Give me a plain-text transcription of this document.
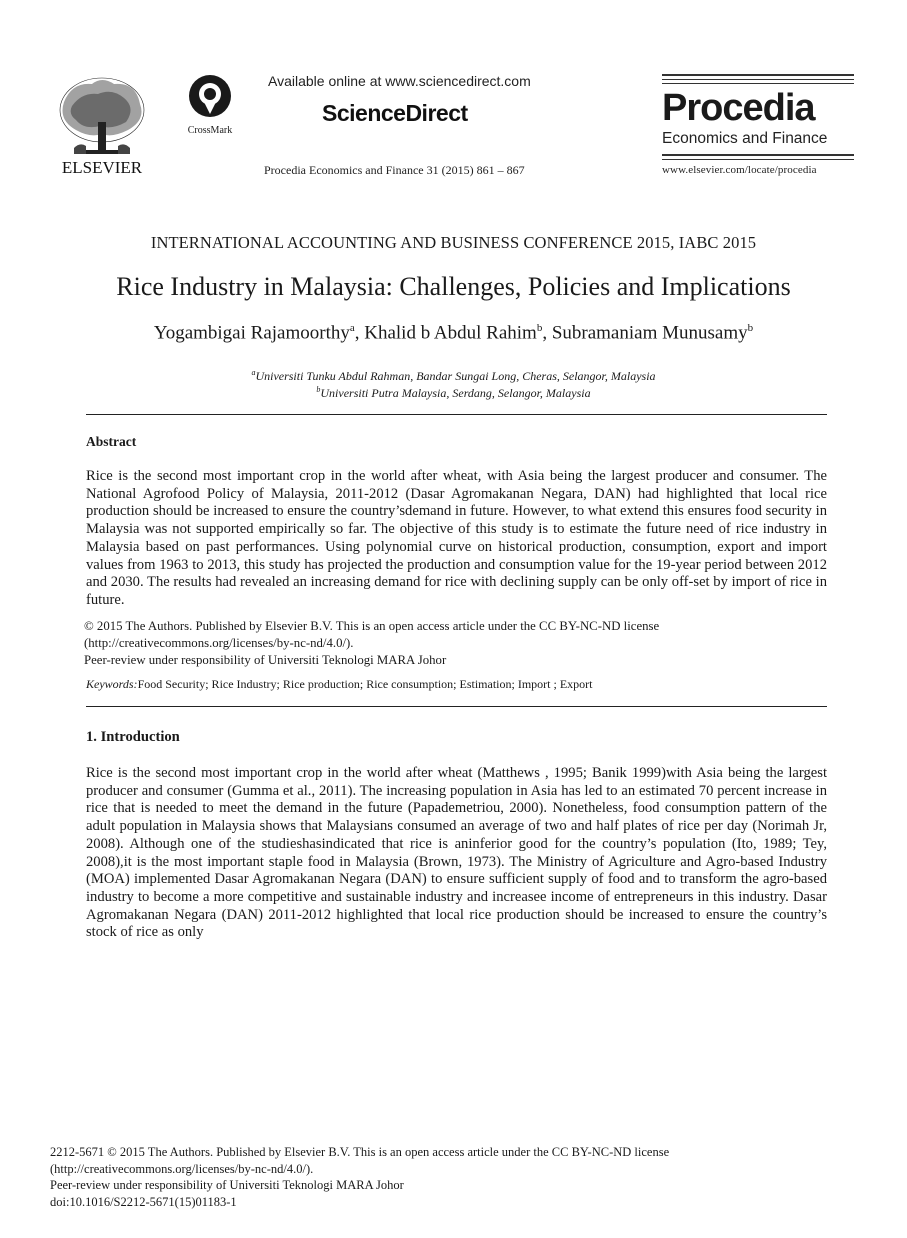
ELSEVIER
CrossMark
Available online at www.sciencedirect.com
ScienceDirect
Procedia Economics and Finance 31 (2015) 861 – 867
Procedia
Economics and Finance
www.elsevier.com/locate/procedia
INTERNATIONAL ACCOUNTING AND BUSINESS CONFERENCE 2015, IABC 2015
Rice Industry in Malaysia: Challenges, Policies and Implications
Yogambigai Rajamoorthy$^a$, Khalid b Abdul Rahim$^b$, Subramaniam Munusamy$^b$
$^a$Universiti Tunku Abdul Rahman, Bandar Sungai Long, Cheras, Selangor, Malaysia
$^b$Universiti Putra Malaysia, Serdang, Selangor, Malaysia
Abstract
Rice is the second most important crop in the world after wheat, with Asia being the largest producer and consumer. The National Agrofood Policy of Malaysia, 2011-2012 (Dasar Agromakanan Negara, DAN) had highlighted that local rice production should be increased to ensure the country’sdemand in future. However, to what extend this ensures food security in Malaysia was not supported empirically so far. The objective of this study is to estimate the future need of rice industry in Malaysia based on past performances. Using polynomial curve on historical production, consumption, export and import values from 1963 to 2013, this study has projected the production and consumption value for the 19-year period between 2012 and 2030. The results had revealed an increasing demand for rice with declining supply can be only off-set by import of rice in future.
© 2015 The Authors. Published by Elsevier B.V. This is an open access article under the CC BY-NC-ND license
(http://creativecommons.org/licenses/by-nc-nd/4.0/).
Peer-review under responsibility of Universiti Teknologi MARA Johor
Keywords:Food Security; Rice Industry; Rice production; Rice consumption; Estimation; Import ; Export
1. Introduction
Rice is the second most important crop in the world after wheat (Matthews , 1995; Banik 1999)with Asia being the largest producer and consumer (Gumma et al., 2011). The increasing population in Asia has led to an estimated 70 percent increase in rice that is needed to meet the demand in the future (Papademetriou, 2000). Nonetheless, food consumption pattern of the adult population in Malaysia shows that Malaysians consumed an average of two and half plates of rice per day (Norimah Jr, 2008). Although one of the studieshasindicated that rice is aninferior good for the country’s population (Ito, 1989; Tey, 2008),it is the most important staple food in Malaysia (Brown, 1973). The Ministry of Agriculture and Agro-based Industry (MOA) implemented Dasar Agromakanan Negara (DAN) to ensure sufficient supply of food and to transform the agro-based industry to become a more competitive and sustainable industry and increasee income of entrepreneurs in this industry. Dasar Agromakanan Negara (DAN) 2011-2012 highlighted that local rice production should be increased to ensure the country’s stock of rice as only
2212-5671 © 2015 The Authors. Published by Elsevier B.V. This is an open access article under the CC BY-NC-ND license
(http://creativecommons.org/licenses/by-nc-nd/4.0/).
Peer-review under responsibility of Universiti Teknologi MARA Johor
doi:10.1016/S2212-5671(15)01183-1
